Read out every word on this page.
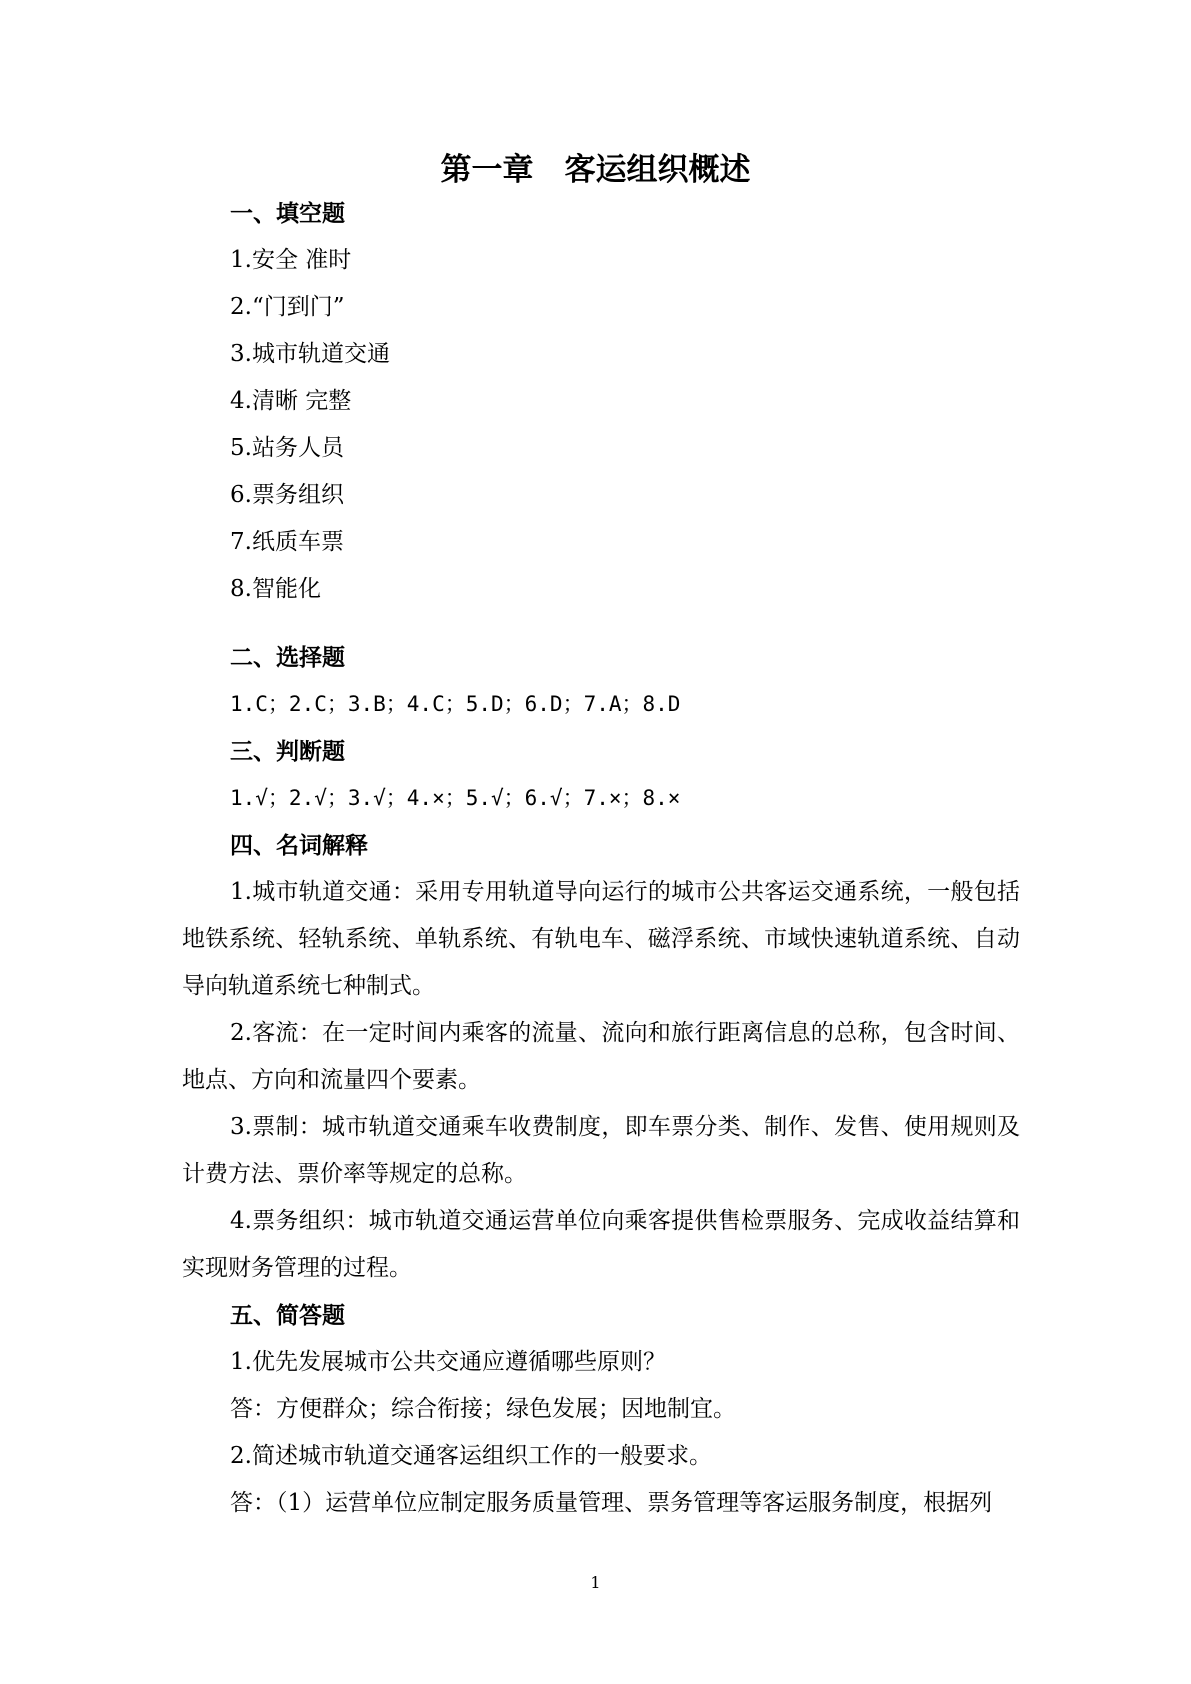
第一章　客运组织概述
一、填空题
1.安全 准时
2.“门到门”
3.城市轨道交通
4.清晰 完整
5.站务人员
6.票务组织
7.纸质车票
8.智能化
二、选择题
1.C；2.C；3.B；4.C；5.D；6.D；7.A；8.D
三、判断题
1.√；2.√；3.√；4.×；5.√；6.√；7.×；8.×
四、名词解释

1.城市轨道交通：采用专用轨道导向运行的城市公共客运交通系统，一般包括地铁系统、轻轨系统、单轨系统、有轨电车、磁浮系统、市域快速轨道系统、自动导向轨道系统七种制式。

2.客流：在一定时间内乘客的流量、流向和旅行距离信息的总称，包含时间、地点、方向和流量四个要素。

3.票制：城市轨道交通乘车收费制度，即车票分类、制作、发售、使用规则及计费方法、票价率等规定的总称。

4.票务组织：城市轨道交通运营单位向乘客提供售检票服务、完成收益结算和实现财务管理的过程。

五、简答题
1.优先发展城市公共交通应遵循哪些原则？
答：方便群众；综合衔接；绿色发展；因地制宜。
2.简述城市轨道交通客运组织工作的一般要求。
答：（1）运营单位应制定服务质量管理、票务管理等客运服务制度，根据列
1
